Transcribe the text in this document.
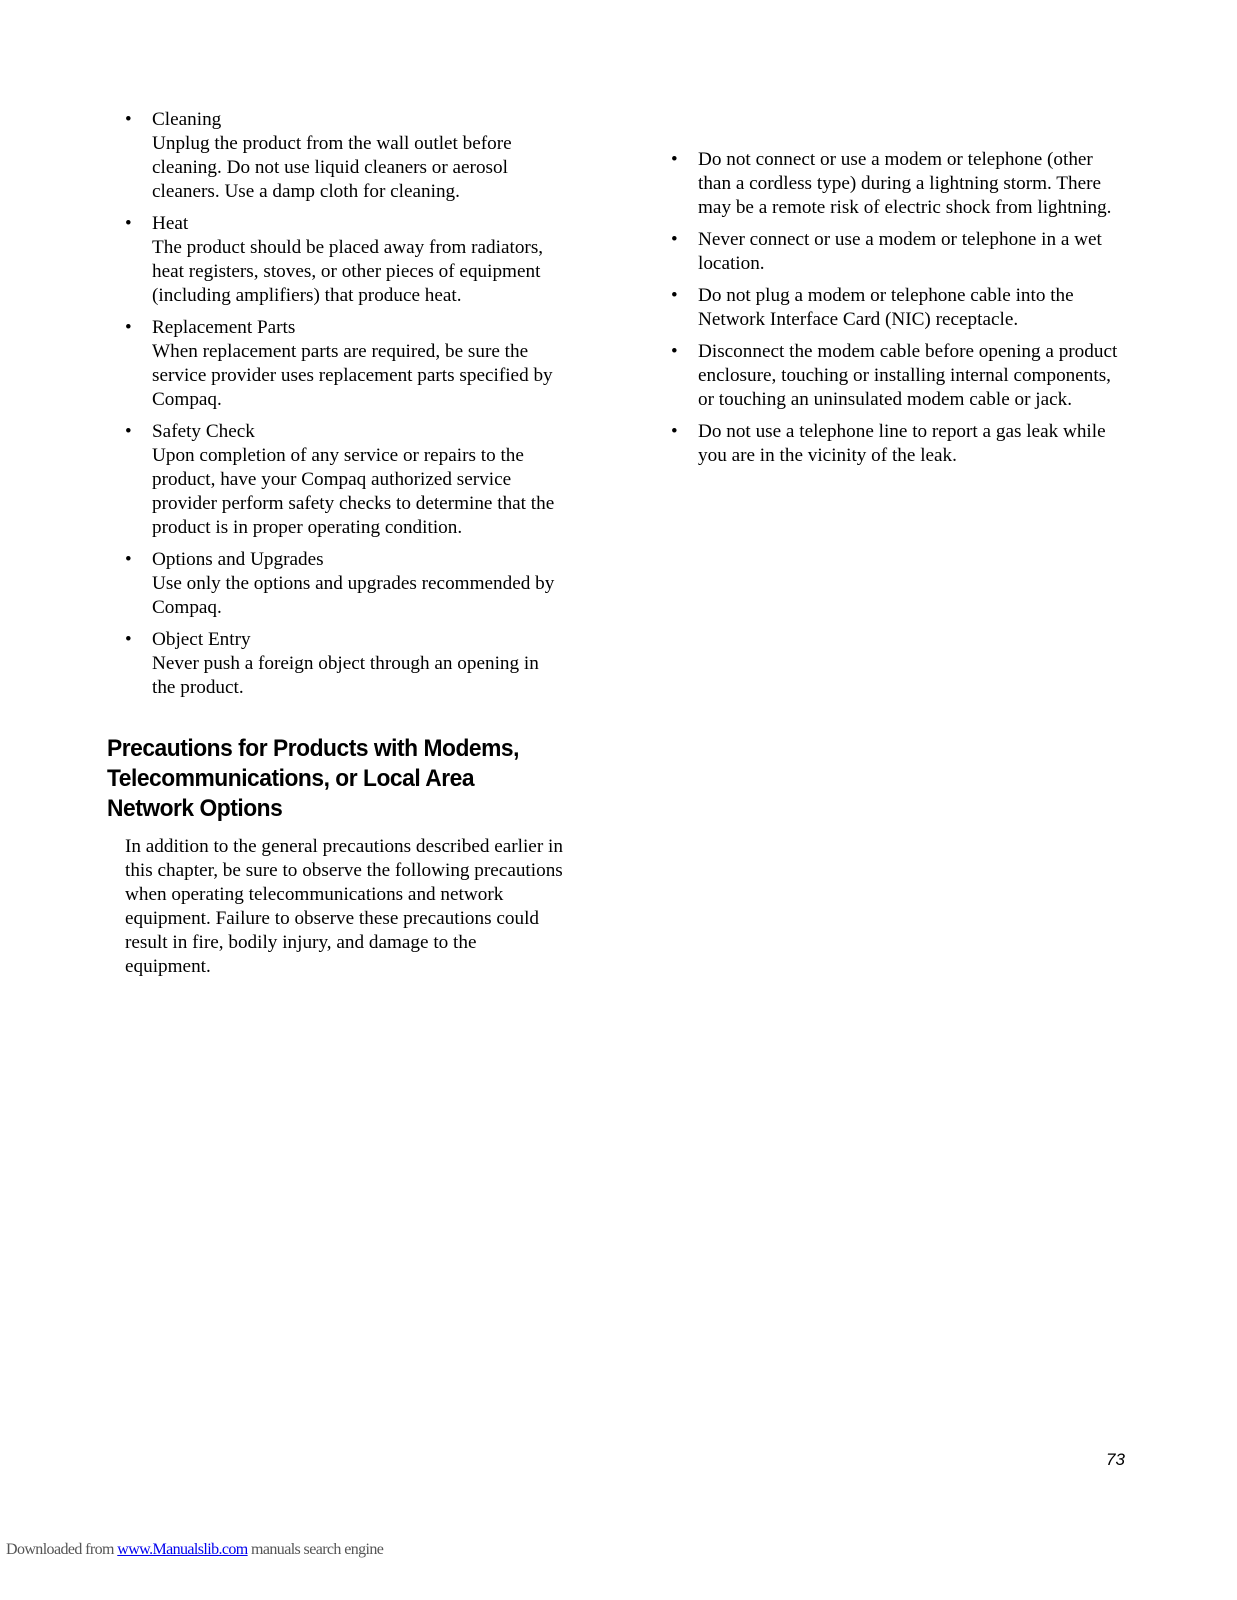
• Cleaning
Unplug the product from the wall outlet before cleaning. Do not use liquid cleaners or aerosol cleaners. Use a damp cloth for cleaning.
• Heat
The product should be placed away from radiators, heat registers, stoves, or other pieces of equipment (including amplifiers) that produce heat.
• Replacement Parts
When replacement parts are required, be sure the service provider uses replacement parts specified by Compaq.
• Safety Check
Upon completion of any service or repairs to the product, have your Compaq authorized service provider perform safety checks to determine that the product is in proper operating condition.
• Options and Upgrades
Use only the options and upgrades recommended by Compaq.
• Object Entry
Never push a foreign object through an opening in the product.
Precautions for Products with Modems, Telecommunications, or Local Area Network Options
In addition to the general precautions described earlier in this chapter, be sure to observe the following precautions when operating telecommunications and network equipment. Failure to observe these precautions could result in fire, bodily injury, and damage to the equipment.
• Do not connect or use a modem or telephone (other than a cordless type) during a lightning storm. There may be a remote risk of electric shock from lightning.
• Never connect or use a modem or telephone in a wet location.
• Do not plug a modem or telephone cable into the Network Interface Card (NIC) receptacle.
• Disconnect the modem cable before opening a product enclosure, touching or installing internal components, or touching an uninsulated modem cable or jack.
• Do not use a telephone line to report a gas leak while you are in the vicinity of the leak.
73
Downloaded from www.Manualslib.com manuals search engine
